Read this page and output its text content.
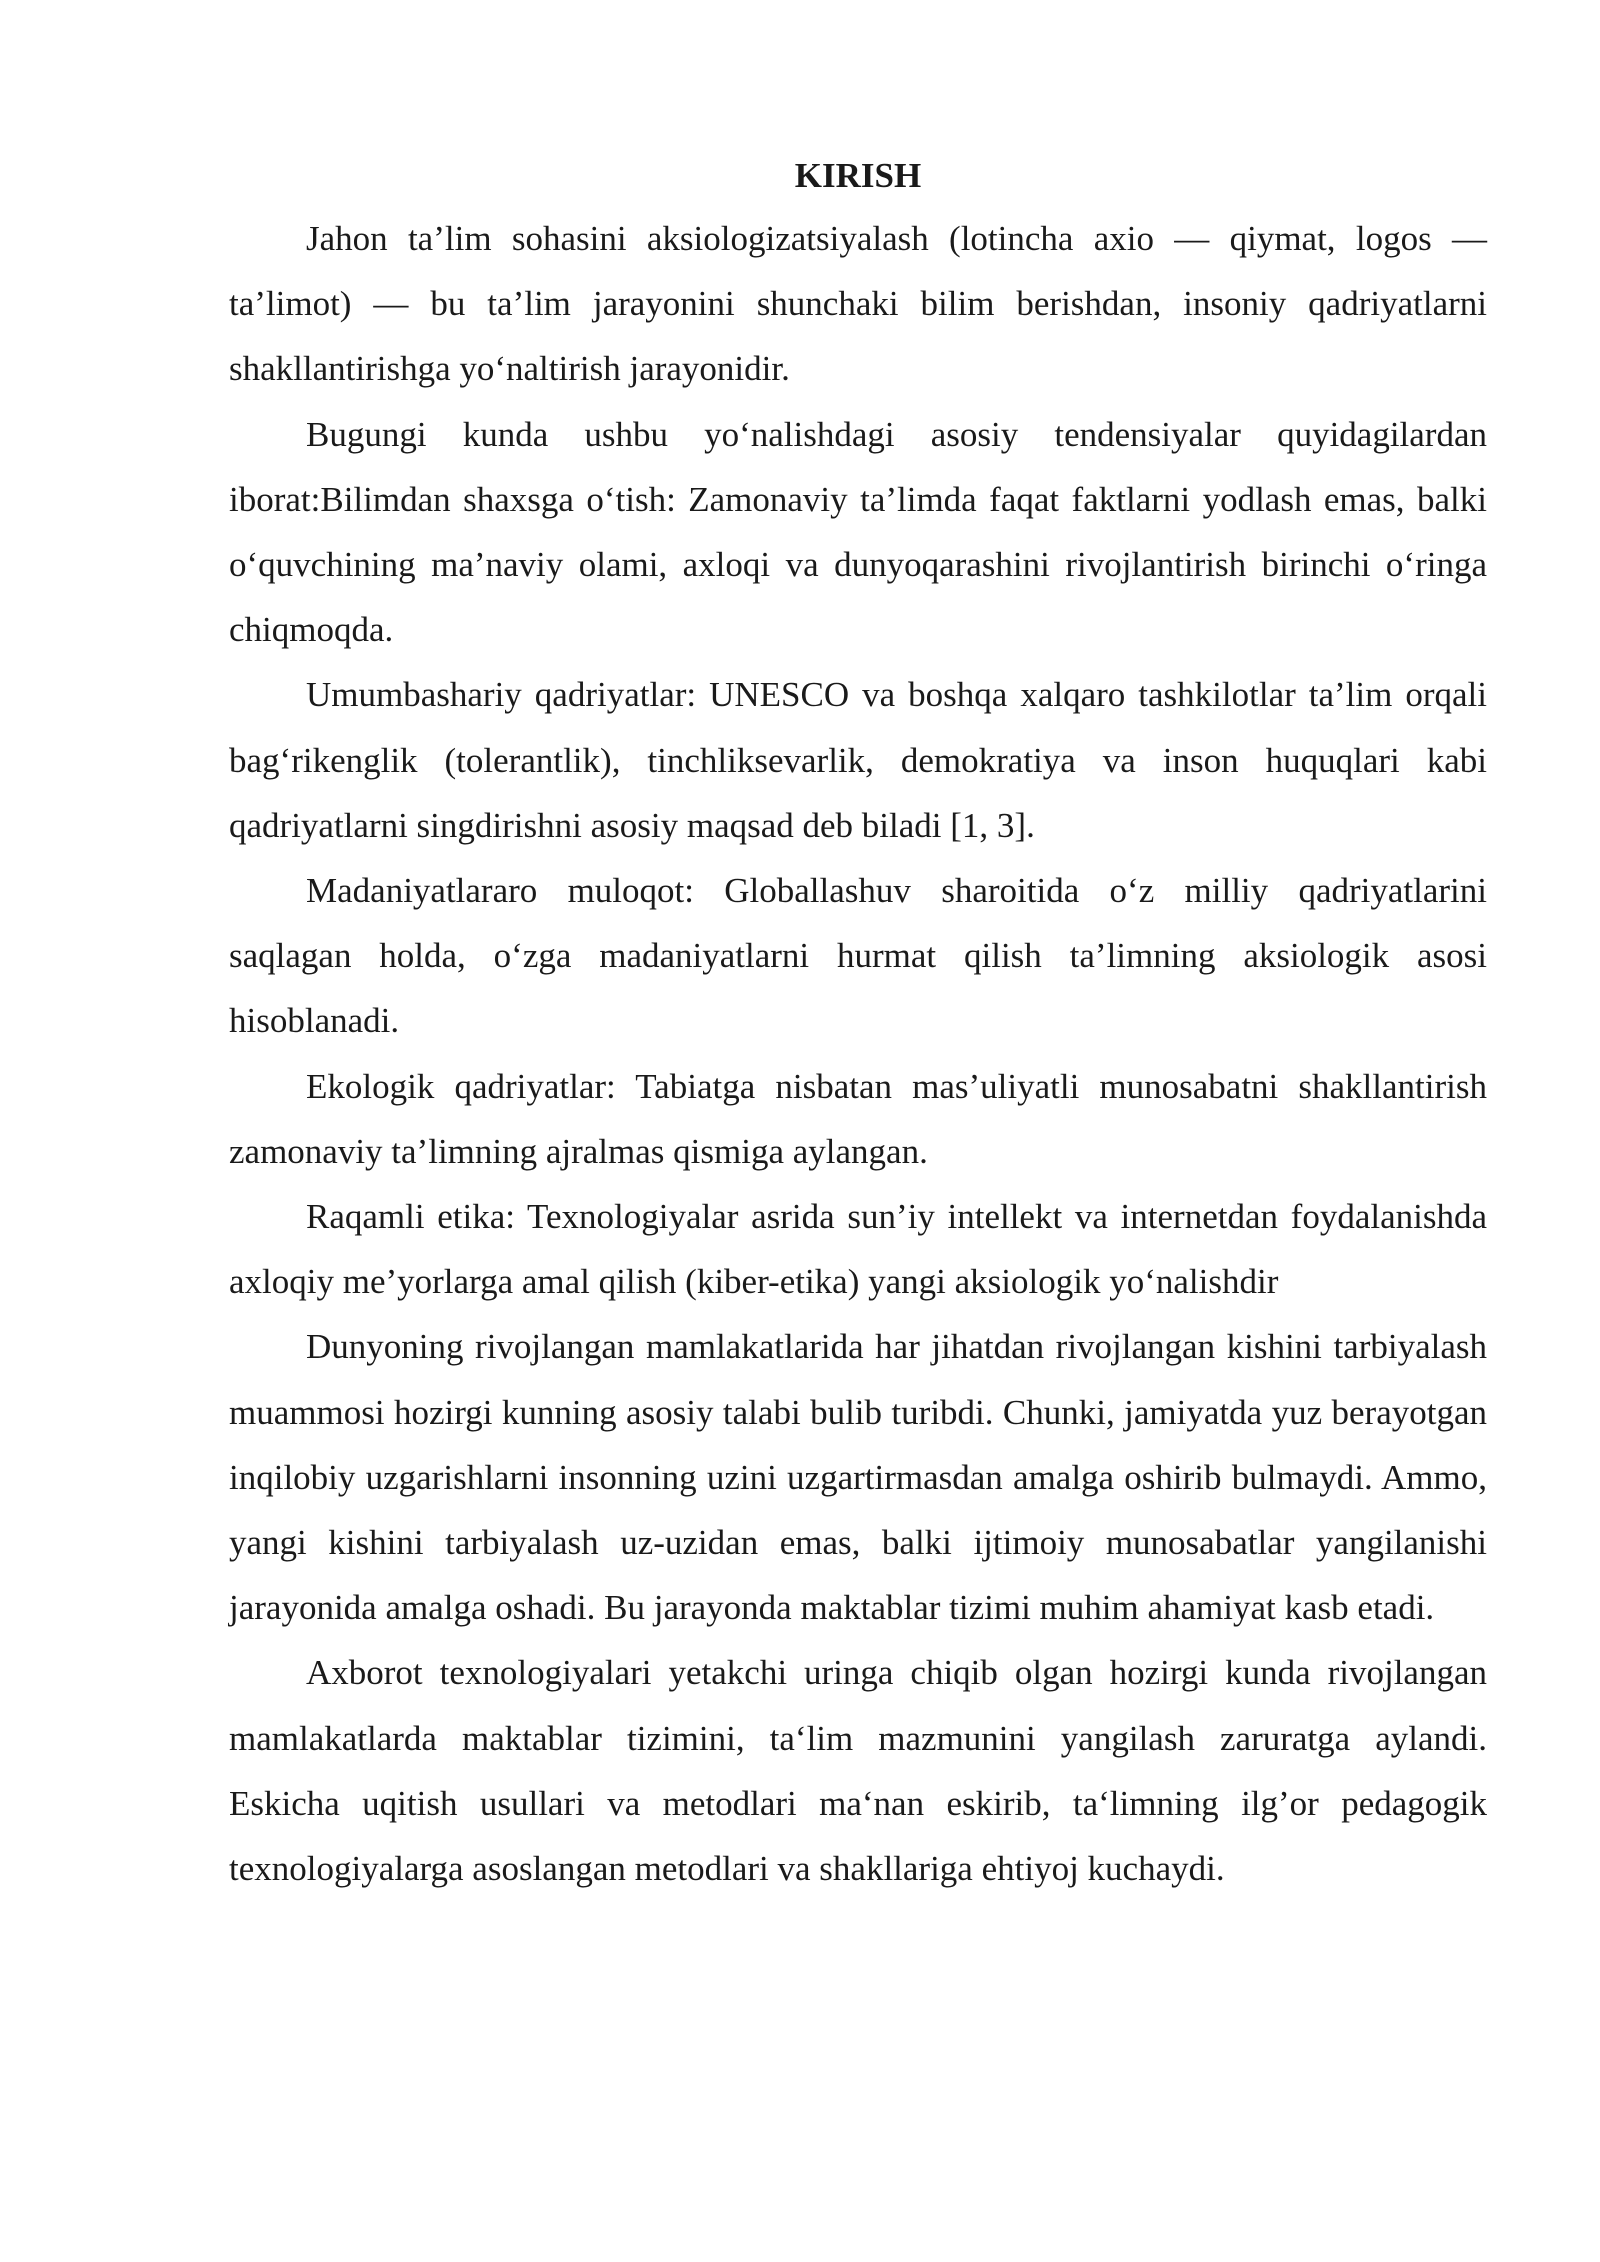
KIRISH

Jahon ta’lim sohasini aksiologizatsiyalash (lotincha axio — qiymat, logos — ta’limot) — bu ta’lim jarayonini shunchaki bilim berishdan, insoniy qadriyatlarni shakllantirishga yo‘naltirish jarayonidir.

Bugungi kunda ushbu yo‘nalishdagi asosiy tendensiyalar quyidagilardan iborat:Bilimdan shaxsga o‘tish: Zamonaviy ta’limda faqat faktlarni yodlash emas, balki o‘quvchining ma’naviy olami, axloqi va dunyoqarashini rivojlantirish birinchi o‘ringa chiqmoqda.

Umumbashariy qadriyatlar: UNESCO va boshqa xalqaro tashkilotlar ta’lim orqali bag‘rikenglik (tolerantlik), tinchliksevarlik, demokratiya va inson huquqlari kabi qadriyatlarni singdirishni asosiy maqsad deb biladi [1, 3].

Madaniyatlararo muloqot: Globallashuv sharoitida o‘z milliy qadriyatlarini saqlagan holda, o‘zga madaniyatlarni hurmat qilish ta’limning aksiologik asosi hisoblanadi.

Ekologik qadriyatlar: Tabiatga nisbatan mas’uliyatli munosabatni shakllantirish zamonaviy ta’limning ajralmas qismiga aylangan.

Raqamli etika: Texnologiyalar asrida sun’iy intellekt va internetdan foydalanishda axloqiy me’yorlarga amal qilish (kiber-etika) yangi aksiologik yo‘nalishdir

Dunyoning rivojlangan mamlakatlarida har jihatdan rivojlangan kishini tarbiyalash muammosi hozirgi kunning asosiy talabi bulib turibdi. Chunki, jamiyatda yuz berayotgan inqilobiy uzgarishlarni insonning uzini uzgartirmasdan amalga oshirib bulmaydi. Ammo, yangi kishini tarbiyalash uz-uzidan emas, balki ijtimoiy munosabatlar yangilanishi jarayonida amalga oshadi. Bu jarayonda maktablar tizimi muhim ahamiyat kasb etadi.

Axborot texnologiyalari yetakchi uringa chiqib olgan hozirgi kunda rivojlangan mamlakatlarda maktablar tizimini, ta‘lim mazmunini yangilash zaruratga aylandi. Eskicha uqitish usullari va metodlari ma‘nan eskirib, ta‘limning ilg’or pedagogik texnologiyalarga asoslangan metodlari va shakllariga ehtiyoj kuchaydi.
